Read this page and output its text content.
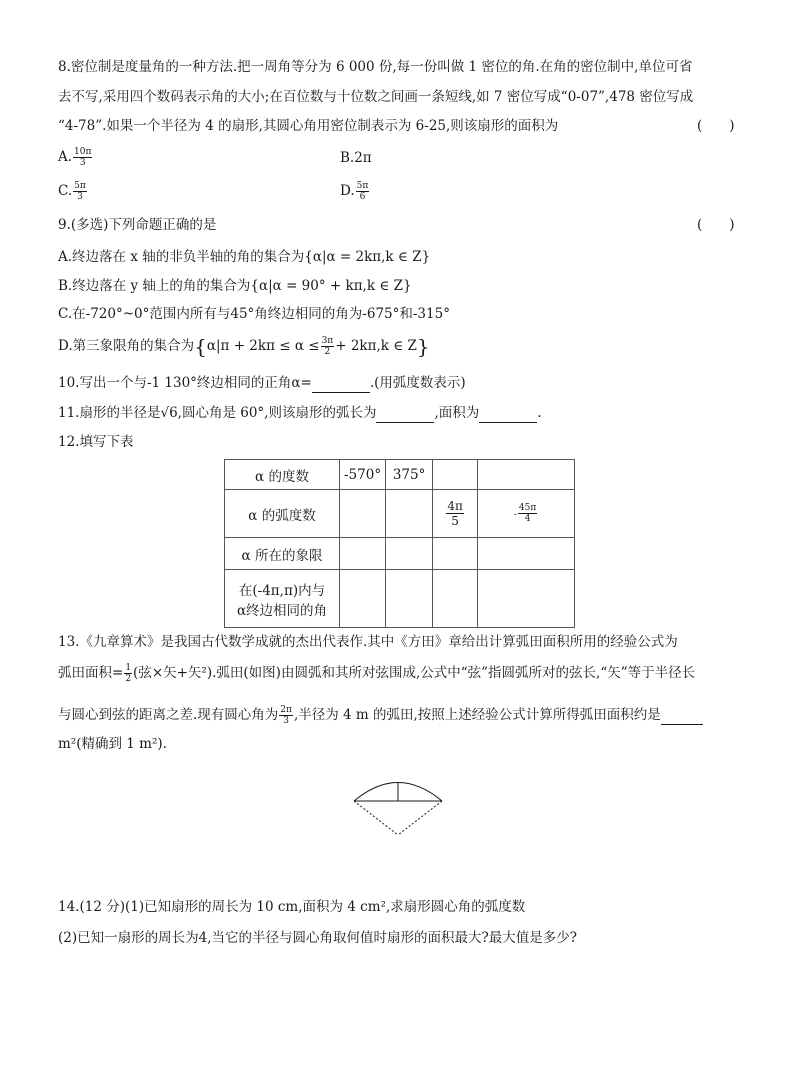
8.密位制是度量角的一种方法.把一周角等分为 6 000 份,每一份叫做 1 密位的角.在角的密位制中,单位可省
去不写,采用四个数码表示角的大小;在百位数与十位数之间画一条短线,如 7 密位写成“0-07”,478 密位写成
“4-78”.如果一个半径为 4 的扇形,其圆心角用密位制表示为 6-25,则该扇形的面积为	(　　)
A. $\frac{10\pi}{3}$	B.2π
C. $\frac{5\pi}{3}$	D. $\frac{5\pi}{6}$
9.(多选)下列命题正确的是	(　　)
A.终边落在 x 轴的非负半轴的角的集合为{α|α = 2kπ,k ∈ Z}
B.终边落在 y 轴上的角的集合为{α|α = 90° + kπ,k ∈ Z}
C.在-720°~0°范围内所有与45°角终边相同的角为-675°和-315°
D.第三象限角的集合为{$\alpha|\pi + 2k\pi \le \alpha \le \frac{3\pi}{2} + 2k\pi,k$ ∈ Z}
10.写出一个与-1 130°终边相同的正角α=	.(用弧度数表示)
11.扇形的半径是√6,圆心角是 60°,则该扇形的弧长为	,面积为	.
12.填写下表
α 的度数	-570°	375°		
α 的弧度数			$\frac{4\pi}{5}$	- $\frac{45\pi}{4}$

α 所在的象限				

在(-4π,π)内与
α终边相同的角				

13.《九章算术》是我国古代数学成就的杰出代表作.其中《方田》章给出计算弧田面积所用的经验公式为
弧田面积= $\frac{1}{2}$ (弦×矢+矢²).弧田(如图)由圆弧和其所对弦围成,公式中“弦”指圆弧所对的弦长,“矢”等于半径长
与圆心到弦的距离之差.现有圆心角为 $\frac{2\pi}{3}$ ,半径为 4 m 的弧田,按照上述经验公式计算所得弧田面积约是
m²(精确到 1 m²).
14.(12 分)(1)已知扇形的周长为 10 cm,面积为 4 cm²,求扇形圆心角的弧度数
(2)已知一扇形的周长为4,当它的半径与圆心角取何值时扇形的面积最大?最大值是多少?
